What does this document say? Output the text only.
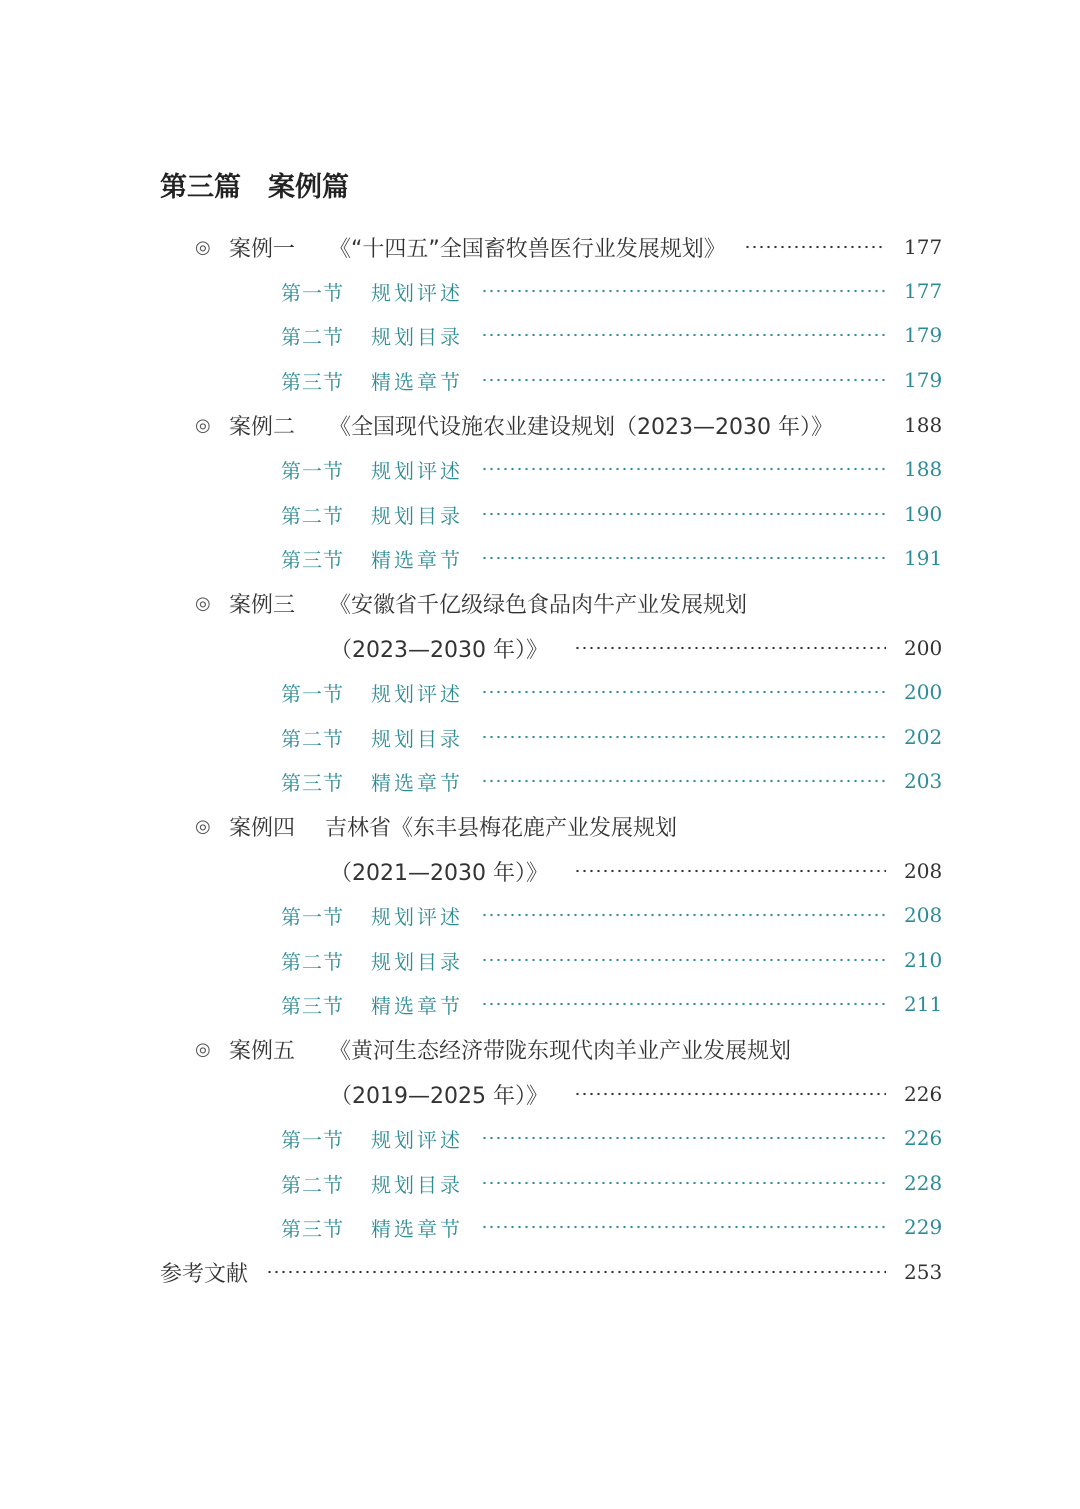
第三篇　案例篇
◎ 案例一	《“十四五”全国畜牧兽医行业发展规划》	177
第一节	规划评述	177
第二节	规划目录	179
第三节	精选章节	179
◎ 案例二	《全国现代设施农业建设规划（2023—2030 年）》	188
第一节	规划评述	188
第二节	规划目录	190
第三节	精选章节	191
◎ 案例三	《安徽省千亿级绿色食品肉牛产业发展规划
（2023—2030 年）》	200
第一节	规划评述	200
第二节	规划目录	202
第三节	精选章节	203
◎ 案例四	吉林省《东丰县梅花鹿产业发展规划
（2021—2030 年）》	208
第一节	规划评述	208
第二节	规划目录	210
第三节	精选章节	211
◎ 案例五	《黄河生态经济带陇东现代肉羊业产业发展规划
（2019—2025 年）》	226
第一节	规划评述	226
第二节	规划目录	228
第三节	精选章节	229
参考文献	253
